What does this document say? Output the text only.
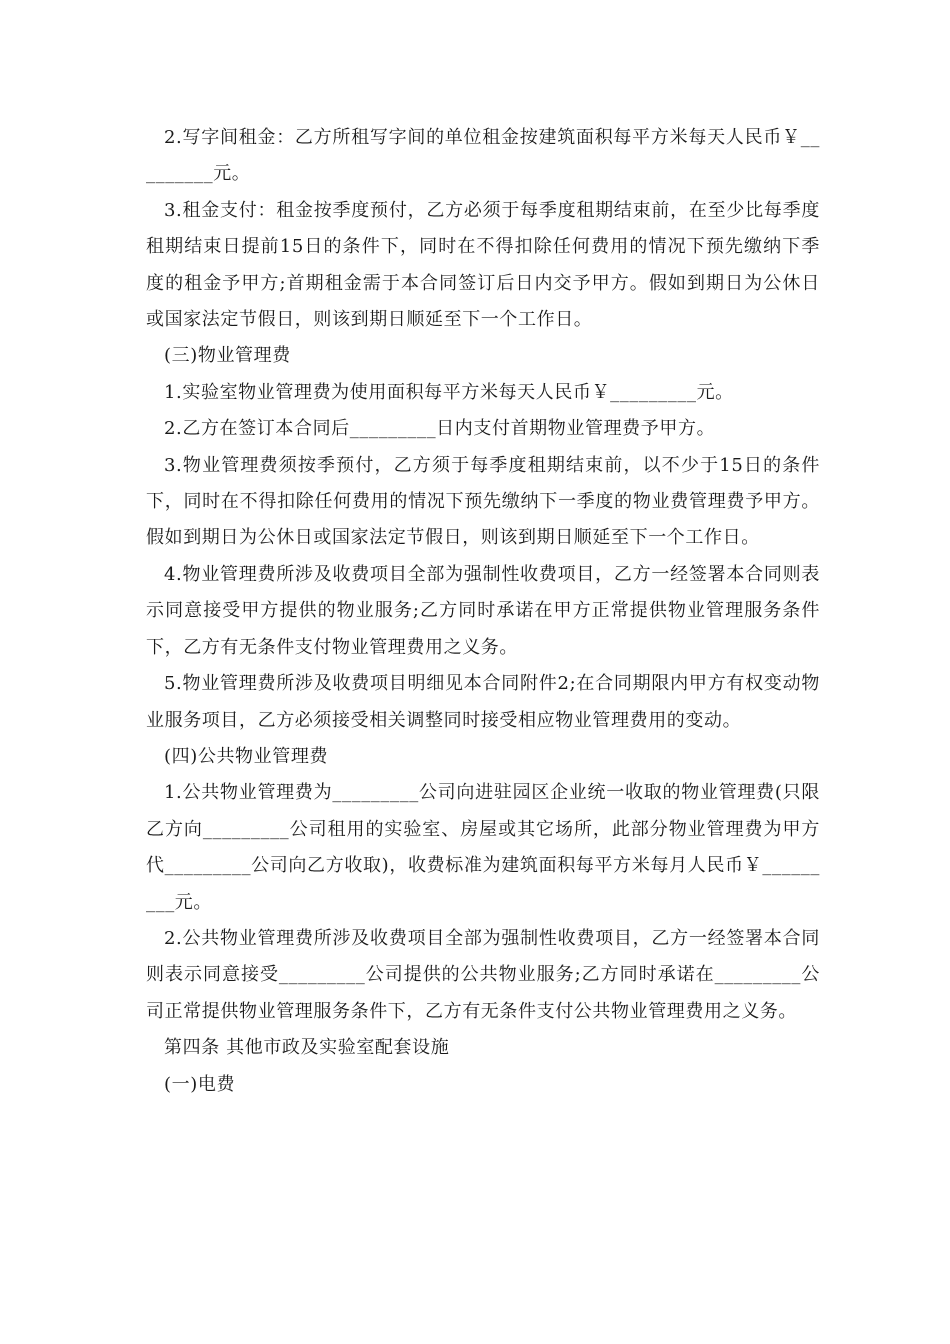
2.写字间租金：乙方所租写字间的单位租金按建筑面积每平方米每天人民币￥_________元。

3.租金支付：租金按季度预付，乙方必须于每季度租期结束前，在至少比每季度租期结束日提前15日的条件下，同时在不得扣除任何费用的情况下预先缴纳下季度的租金予甲方;首期租金需于本合同签订后日内交予甲方。假如到期日为公休日或国家法定节假日，则该到期日顺延至下一个工作日。

(三)物业管理费

1.实验室物业管理费为使用面积每平方米每天人民币￥_________元。

2.乙方在签订本合同后_________日内支付首期物业管理费予甲方。

3.物业管理费须按季预付，乙方须于每季度租期结束前，以不少于15日的条件下，同时在不得扣除任何费用的情况下预先缴纳下一季度的物业费管理费予甲方。假如到期日为公休日或国家法定节假日，则该到期日顺延至下一个工作日。

4.物业管理费所涉及收费项目全部为强制性收费项目，乙方一经签署本合同则表示同意接受甲方提供的物业服务;乙方同时承诺在甲方正常提供物业管理服务条件下，乙方有无条件支付物业管理费用之义务。

5.物业管理费所涉及收费项目明细见本合同附件2;在合同期限内甲方有权变动物业服务项目，乙方必须接受相关调整同时接受相应物业管理费用的变动。

(四)公共物业管理费

1.公共物业管理费为_________公司向进驻园区企业统一收取的物业管理费(只限乙方向_________公司租用的实验室、房屋或其它场所，此部分物业管理费为甲方代_________公司向乙方收取)，收费标准为建筑面积每平方米每月人民币￥_________元。

2.公共物业管理费所涉及收费项目全部为强制性收费项目，乙方一经签署本合同则表示同意接受_________公司提供的公共物业服务;乙方同时承诺在_________公司正常提供物业管理服务条件下，乙方有无条件支付公共物业管理费用之义务。

第四条 其他市政及实验室配套设施

(一)电费
